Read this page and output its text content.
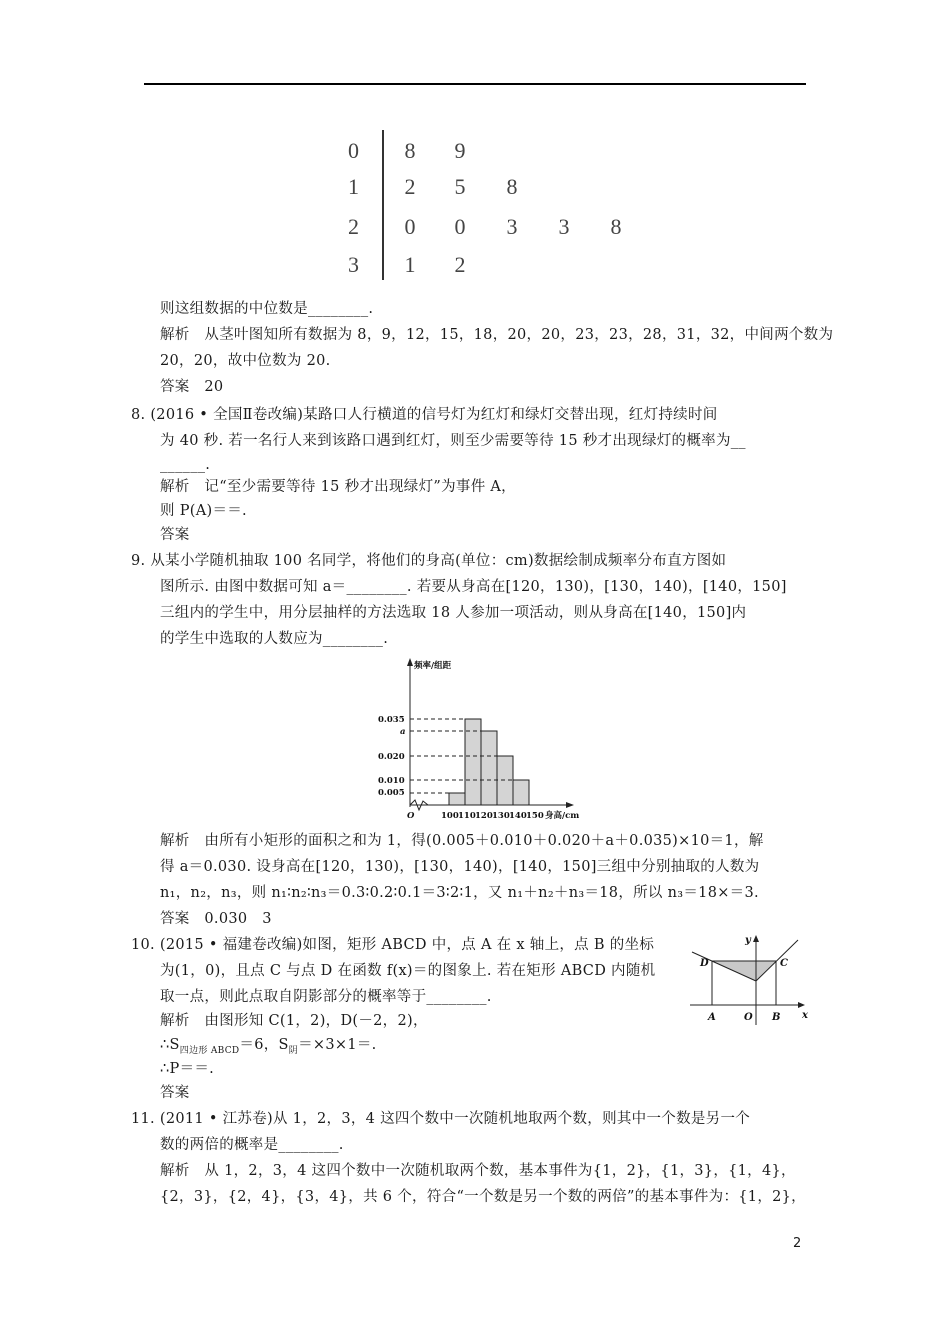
0	8 9
1	2 5 8
2	0 0 3 3 8
3	1 2
则这组数据的中位数是________.
解析　从茎叶图知所有数据为 8，9，12，15，18，20，20，23，23，28，31，32，中间两个数为
20，20，故中位数为 20.
答案　20
8. (2016 • 全国Ⅱ卷改编)某路口人行横道的信号灯为红灯和绿灯交替出现，红灯持续时间
为 40 秒. 若一名行人来到该路口遇到红灯，则至少需要等待 15 秒才出现绿灯的概率为__
______.
解析　记“至少需要等待 15 秒才出现绿灯”为事件 A，
则 P(A)＝＝.
答案
9. 从某小学随机抽取 100 名同学，将他们的身高(单位：cm)数据绘制成频率分布直方图如
图所示. 由图中数据可知 a＝________. 若要从身高在[120，130)，[130，140)，[140，150]
三组内的学生中，用分层抽样的方法选取 18 人参加一项活动，则从身高在[140，150]内
的学生中选取的人数应为________.
频率/组距
0.035
a
0.020
0.010
0.005
O	100 110 120 130 140 150 身高/cm
解析　由所有小矩形的面积之和为 1，得(0.005＋0.010＋0.020＋a＋0.035)×10＝1，解
得 a＝0.030. 设身高在[120，130)，[130，140)，[140，150]三组中分别抽取的人数为
n₁，n₂，n₃，则 n₁∶n₂∶n₃＝0.3∶0.2∶0.1＝3∶2∶1，又 n₁＋n₂＋n₃＝18，所以 n₃＝18×＝3.
答案　0.030　3
10. (2015 • 福建卷改编)如图，矩形 ABCD 中，点 A 在 x 轴上，点 B 的坐标
为(1，0)，且点 C 与点 D 在函数 f(x)＝的图象上. 若在矩形 ABCD 内随机
取一点，则此点取自阴影部分的概率等于________.
解析　由图形知 C(1，2)，D(－2，2)，
$\therefore S_{四边形 ABCD}=6$，$S_阴=\times 3\times 1=$.
∴P＝＝.
答案
y
x
D	C
A	O B
11. (2011 • 江苏卷)从 1，2，3，4 这四个数中一次随机地取两个数，则其中一个数是另一个
数的两倍的概率是________.
解析　从 1，2，3，4 这四个数中一次随机取两个数，基本事件为{1，2}，{1，3}，{1，4}，
{2，3}，{2，4}，{3，4}，共 6 个，符合“一个数是另一个数的两倍”的基本事件为：{1，2}，
2
